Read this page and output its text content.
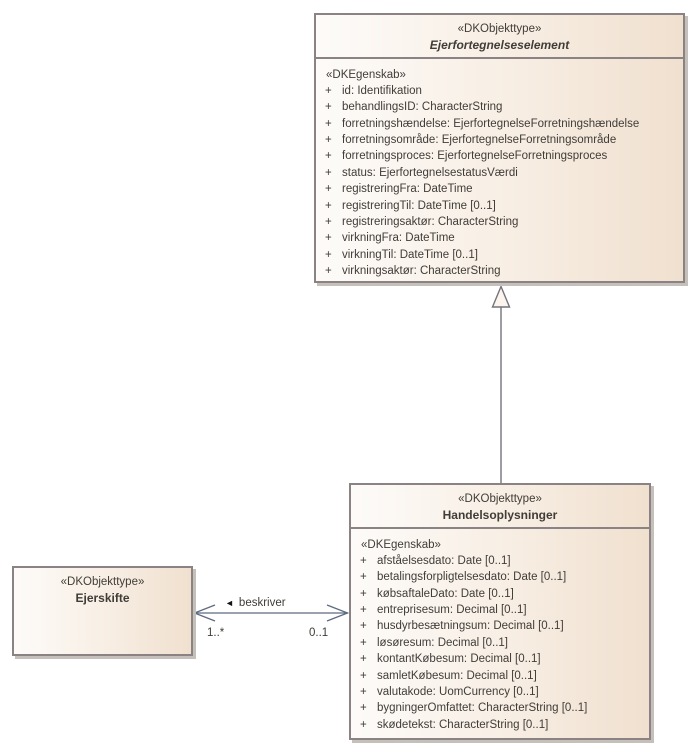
«DKObjekttype»
Ejerfortegnelseselement
«DKEgenskab»
+ id: Identifikation
+ behandlingsID: CharacterString
+ forretningshændelse: EjerfortegnelseForretningshændelse
+ forretningsområde: EjerfortegnelseForretningsområde
+ forretningsproces: EjerfortegnelseForretningsproces
+ status: EjerfortegnelsestatusVærdi
+ registreringFra: DateTime
+ registreringTil: DateTime [0..1]
+ registreringsaktør: CharacterString
+ virkningFra: DateTime
+ virkningTil: DateTime [0..1]
+ virkningsaktør: CharacterString
«DKObjekttype»
Handelsoplysninger
«DKEgenskab»
+ afståelsesdato: Date [0..1]
+ betalingsforpligtelsesdato: Date [0..1]
+ købsaftaleDato: Date [0..1]
+ entreprisesum: Decimal [0..1]
+ husdyrbesætningsum: Decimal [0..1]
+ løsøresum: Decimal [0..1]
+ kontantKøbesum: Decimal [0..1]
+ samletKøbesum: Decimal [0..1]
+ valutakode: UomCurrency [0..1]
+ bygningerOmfattet: CharacterString [0..1]
+ skødetekst: CharacterString [0..1]
«DKObjekttype»
Ejerskifte	◄ beskriver
1..*	0..1
